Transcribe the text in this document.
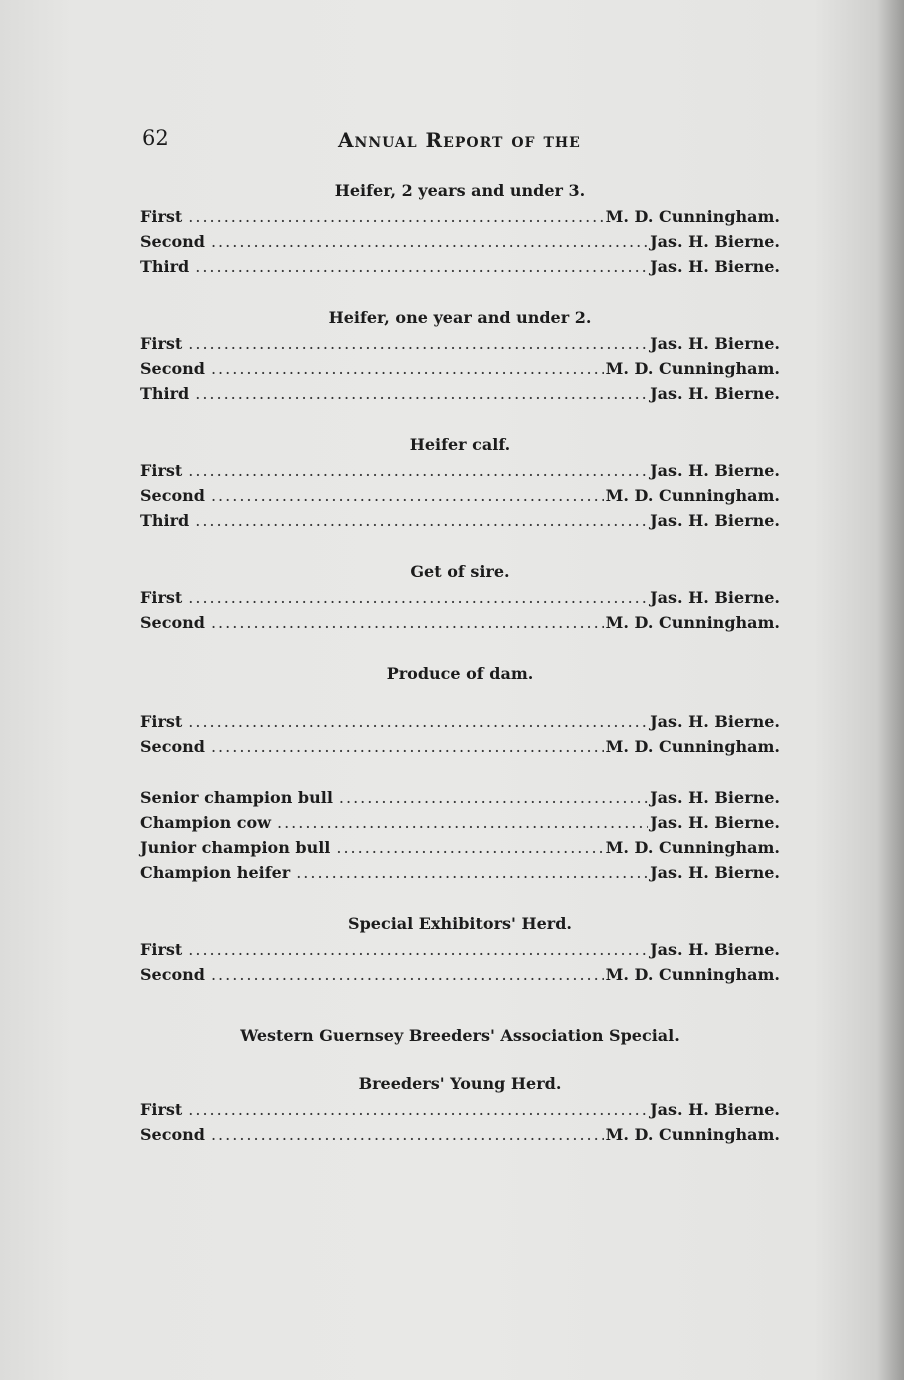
62	Annual Report of the
Heifer, 2 years and under 3.
First .....	M. D. Cunningham.
Second .....	Jas. H. Bierne.
Third .....	Jas. H. Bierne.
Heifer, one year and under 2.
First .....	Jas. H. Bierne.
Second .....	M. D. Cunningham.
Third .....	Jas. H. Bierne.
Heifer calf.
First .....	Jas. H. Bierne.
Second .....	M. D. Cunningham.
Third .....	Jas. H. Bierne.
Get of sire.
First .....	Jas. H. Bierne.
Second .....	M. D. Cunningham.
Produce of dam.
First .....	Jas. H. Bierne.
Second .....	M. D. Cunningham.
Senior champion bull .....	Jas. H. Bierne.
Champion cow .....	Jas. H. Bierne.
Junior champion bull .....	M. D. Cunningham.
Champion heifer .....	Jas. H. Bierne.
Special Exhibitors' Herd.
First .....	Jas. H. Bierne.
Second .....	M. D. Cunningham.
Western Guernsey Breeders' Association Special.
Breeders' Young Herd.
First .....	Jas. H. Bierne.
Second .....	M. D. Cunningham.
